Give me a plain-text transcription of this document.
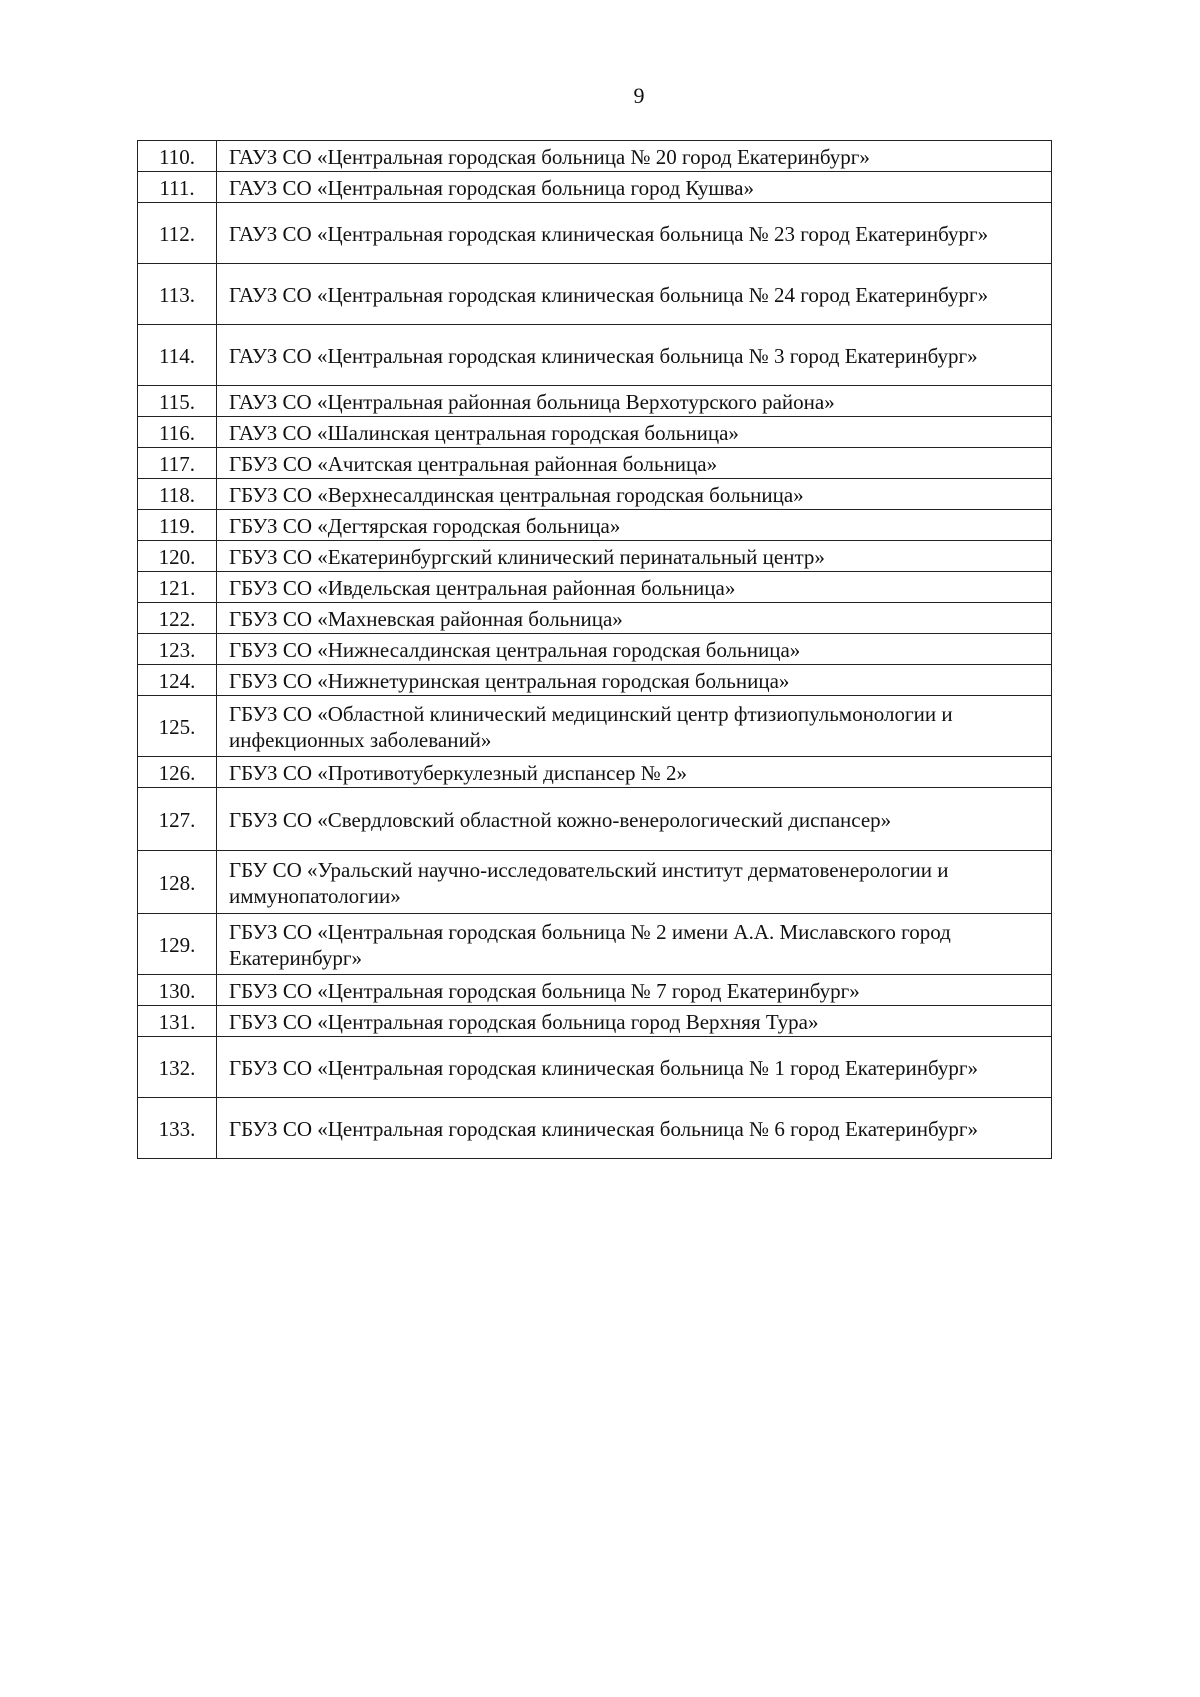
9
110.	ГАУЗ СО «Центральная городская больница № 20 город Екатеринбург»
111.	ГАУЗ СО «Центральная городская больница город Кушва»
112.	ГАУЗ СО «Центральная городская клиническая больница № 23 город Екатеринбург»
113.	ГАУЗ СО «Центральная городская клиническая больница № 24 город Екатеринбург»
114.	ГАУЗ СО «Центральная городская клиническая больница № 3 город Екатеринбург»
115.	ГАУЗ СО «Центральная районная больница Верхотурского района»
116.	ГАУЗ СО «Шалинская центральная городская больница»
117.	ГБУЗ СО «Ачитская центральная районная больница»
118.	ГБУЗ СО «Верхнесалдинская центральная городская больница»
119.	ГБУЗ СО «Дегтярская городская больница»
120.	ГБУЗ СО «Екатеринбургский клинический перинатальный центр»
121.	ГБУЗ СО «Ивдельская центральная районная больница»
122.	ГБУЗ СО «Махневская районная больница»
123.	ГБУЗ СО «Нижнесалдинская центральная городская больница»
124.	ГБУЗ СО «Нижнетуринская центральная городская больница»
125.	ГБУЗ СО «Областной клинический медицинский центр фтизиопульмонологии и инфекционных заболеваний»
126.	ГБУЗ СО «Противотуберкулезный диспансер № 2»
127.	ГБУЗ СО «Свердловский областной кожно-венерологический диспансер»
128.	ГБУ СО «Уральский научно-исследовательский институт дерматовенерологии и иммунопатологии»
129.	ГБУЗ СО «Центральная городская больница № 2 имени А.А. Миславского город Екатеринбург»
130.	ГБУЗ СО «Центральная городская больница № 7 город Екатеринбург»
131.	ГБУЗ СО «Центральная городская больница город Верхняя Тура»
132.	ГБУЗ СО «Центральная городская клиническая больница № 1 город Екатеринбург»
133.	ГБУЗ СО «Центральная городская клиническая больница № 6 город Екатеринбург»
